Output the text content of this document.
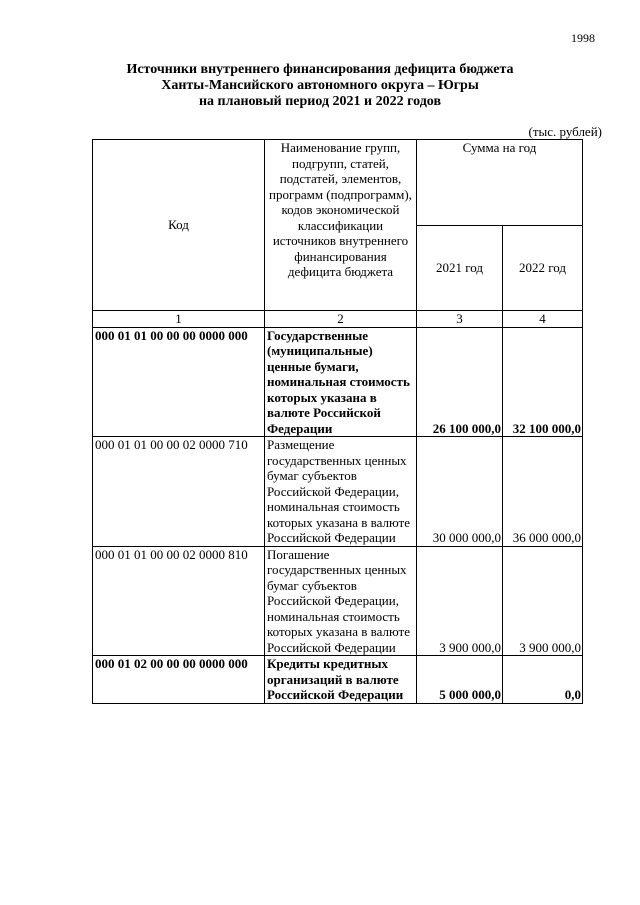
1998
Источники внутреннего финансирования дефицита бюджета
Ханты-Мансийского автономного округа – Югры
на плановый период 2021 и 2022 годов
(тыс. рублей)
Код	Наименование групп, подгрупп, статей, подстатей, элементов, программ (подпрограмм), кодов экономической классификации источников внутреннего финансирования дефицита бюджета	Сумма на год	
		2021 год	2022 год
1	2	3	4
000 01 01 00 00 00 0000 000	Государственные (муниципальные) ценные бумаги, номинальная стоимость которых указана в валюте Российской Федерации	26 100 000,0	32 100 000,0
000 01 01 00 00 02 0000 710	Размещение государственных ценных бумаг субъектов Российской Федерации, номинальная стоимость которых указана в валюте Российской Федерации	30 000 000,0	36 000 000,0
000 01 01 00 00 02 0000 810	Погашение государственных ценных бумаг субъектов Российской Федерации, номинальная стоимость которых указана в валюте Российской Федерации	3 900 000,0	3 900 000,0
000 01 02 00 00 00 0000 000	Кредиты кредитных организаций в валюте Российской Федерации	5 000 000,0	0,0
